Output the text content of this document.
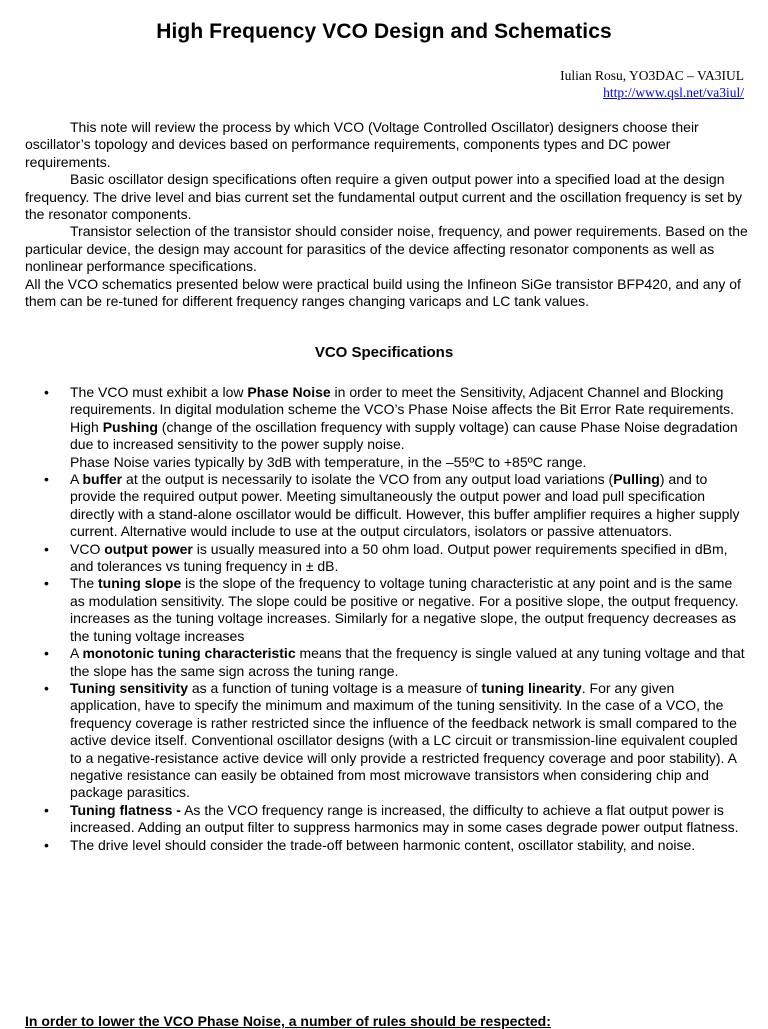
High Frequency VCO Design and Schematics
Iulian Rosu, YO3DAC – VA3IUL
http://www.qsl.net/va3iul/

This note will review the process by which VCO (Voltage Controlled Oscillator) designers choose their oscillator’s topology and devices based on performance requirements, components types and DC power requirements.

Basic oscillator design specifications often require a given output power into a specified load at the design frequency. The drive level and bias current set the fundamental output current and the oscillation frequency is set by the resonator components.

Transistor selection of the transistor should consider noise, frequency, and power requirements. Based on the particular device, the design may account for parasitics of the device affecting resonator components as well as nonlinear performance specifications.

All the VCO schematics presented below were practical build using the Infineon SiGe transistor BFP420, and any of them can be re-tuned for different frequency ranges changing varicaps and LC tank values.

VCO Specifications
• The VCO must exhibit a low Phase Noise in order to meet the Sensitivity, Adjacent Channel and Blocking requirements. In digital modulation scheme the VCO’s Phase Noise affects the Bit Error Rate requirements. High Pushing (change of the oscillation frequency with supply voltage) can cause Phase Noise degradation due to increased sensitivity to the power supply noise.
Phase Noise varies typically by 3dB with temperature, in the –55ºC to +85ºC range.
• A buffer at the output is necessarily to isolate the VCO from any output load variations (Pulling) and to provide the required output power. Meeting simultaneously the output power and load pull specification directly with a stand-alone oscillator would be difficult. However, this buffer amplifier requires a higher supply current. Alternative would include to use at the output circulators, isolators or passive attenuators.
• VCO output power is usually measured into a 50 ohm load. Output power requirements specified in dBm, and tolerances vs tuning frequency in ± dB.
• The tuning slope is the slope of the frequency to voltage tuning characteristic at any point and is the same as modulation sensitivity. The slope could be positive or negative. For a positive slope, the output frequency. increases as the tuning voltage increases. Similarly for a negative slope, the output frequency decreases as the tuning voltage increases
• A monotonic tuning characteristic means that the frequency is single valued at any tuning voltage and that the slope has the same sign across the tuning range.
• Tuning sensitivity as a function of tuning voltage is a measure of tuning linearity. For any given application, have to specify the minimum and maximum of the tuning sensitivity. In the case of a VCO, the frequency coverage is rather restricted since the influence of the feedback network is small compared to the active device itself. Conventional oscillator designs (with a LC circuit or transmission-line equivalent coupled to a negative-resistance active device will only provide a restricted frequency coverage and poor stability). A negative resistance can easily be obtained from most microwave transistors when considering chip and package parasitics.
• Tuning flatness - As the VCO frequency range is increased, the difficulty to achieve a flat output power is increased. Adding an output filter to suppress harmonics may in some cases degrade power output flatness.
• The drive level should consider the trade-off between harmonic content, oscillator stability, and noise.
In order to lower the VCO Phase Noise, a number of rules should be respected:
